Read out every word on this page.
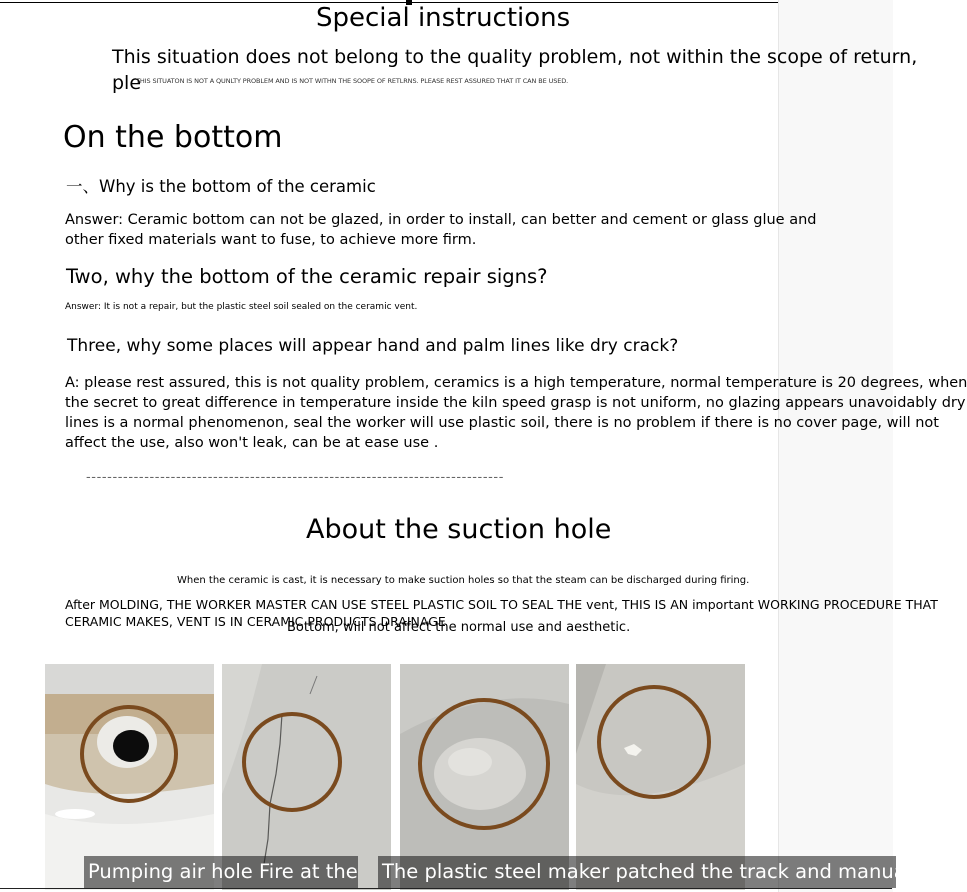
Special instructions
This situation does not belong to the quality problem, not within the scope of return,
ple
THIS SITUATON IS NOT A QUNLTY PROBLEM AND IS NOT WITHN THE SOOPE OF RETLRNS. PLEASE REST ASSURED THAT IT CAN BE USED.
On the bottom
一、Why is the bottom of the ceramic
Answer: Ceramic bottom can not be glazed, in order to install, can better and cement or glass glue and other fixed materials want to fuse, to achieve more firm.
Two, why the bottom of the ceramic repair signs?
Answer: It is not a repair, but the plastic steel soil sealed on the ceramic vent.
Three, why some places will appear hand and palm lines like dry crack?
A: please rest assured, this is not quality problem, ceramics is a high temperature, normal temperature is 20 degrees, when
the secret to great difference in temperature inside the kiln speed grasp is not uniform, no glazing appears unavoidably dry
lines is a normal phenomenon, seal the worker will use plastic soil, there is no problem if there is no cover page, will not
affect the use, also won't leak, can be at ease use .
-------------------------------------------------------------------------------
About the suction hole
When the ceramic is cast, it is necessary to make suction holes so that the steam can be discharged during firing.
After MOLDING, THE WORKER MASTER CAN USE STEEL PLASTIC SOIL TO SEAL THE vent, THIS IS AN important WORKING PROCEDURE THAT
CERAMIC MAKES, VENT IS IN CERAMIC PRODUCTS DRAINAGE
Bottom, will not affect the normal use and aesthetic.
Pumping air hole Fire at the The plastic steel maker patched the track and manually
